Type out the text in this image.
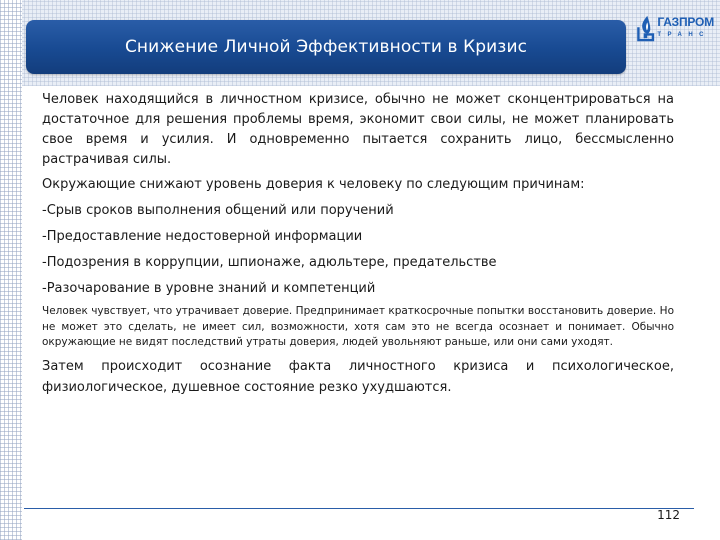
Снижение Личной Эффективности в Кризис
ГАЗПРОМ
ТРАНС

Человек находящийся в личностном кризисе, обычно не может сконцентрироваться на достаточное для решения проблемы время, экономит свои силы, не может планировать свое время и усилия. И одновременно пытается сохранить лицо, бессмысленно растрачивая силы.

Окружающие снижают уровень доверия к человеку по следующим причинам:

-Срыв сроков выполнения общений или поручений

-Предоставление недостоверной информации

-Подозрения в коррупции, шпионаже, адюльтере, предательстве

-Разочарование в уровне знаний и компетенций

Человек чувствует, что утрачивает доверие. Предпринимает краткосрочные попытки восстановить доверие. Но не может это сделать, не имеет сил, возможности, хотя сам это не всегда осознает и понимает. Обычно окружающие не видят последствий утраты доверия, людей увольняют раньше, или они сами уходят.

Затем происходит осознание факта личностного кризиса и психологическое, физиологическое, душевное состояние резко ухудшаются.

112
